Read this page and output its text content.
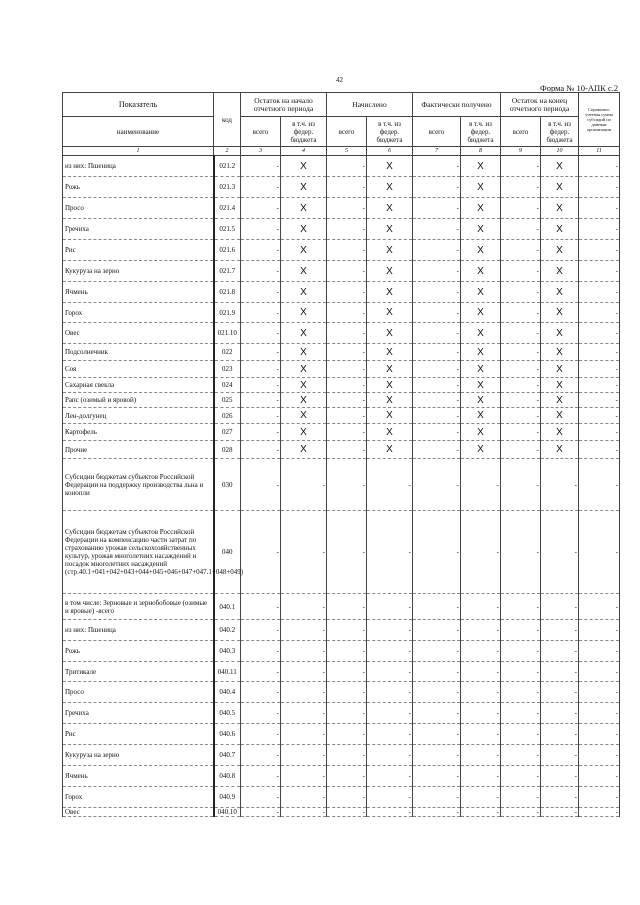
42
Форма № 10-АПК с.2
Показатель	код	Остаток на начало отчетного периода		Начислено		Фактически получено		Остаток на конец отчетного периода		Справочно: учетная сумма субсидий по данным организации
наименование		всего	в т.ч. из федер. бюджета	всего	в т.ч. из федер. бюджета	всего	в т.ч. из федер. бюджета	всего	в т.ч. из федер. бюджета	
1	2	3	4	5	6	7	8	9	10	11
из них: Пшеница	021.2	-	X	-	X	-	X	-	X	-
Рожь	021.3	-	X	-	X	-	X	-	X	-
Просо	021.4	-	X	-	X	-	X	-	X	-
Гречиха	021.5	-	X	-	X	-	X	-	X	-
Рис	021.6	-	X	-	X	-	X	-	X	-
Кукуруза на зерно	021.7	-	X	-	X	-	X	-	X	-
Ячмень	021.8	-	X	-	X	-	X	-	X	-
Горох	021.9	-	X	-	X	-	X	-	X	-
Овес	021.10	-	X	-	X	-	X	-	X	-
Подсолнечник	022	-	X	-	X	-	X	-	X	-
Соя	023	-	X	-	X	-	X	-	X	-
Сахарная свекла	024	-	X	-	X	-	X	-	X	-
Рапс (озимый и яровой)	025	-	X	-	X	-	X	-	X	-
Лен-долгунец	026	-	X	-	X	-	X	-	X	-
Картофель	027	-	X	-	X	-	X	-	X	-
Прочие	028	-	X	-	X	-	X	-	X	-
Субсидии бюджетам субъектов Российской Федерации на поддержку производства льна и конопли	030	-	-	-	-	-	-	-	-	-
Субсидии бюджетам субъектов Российской Федерации на компенсацию части затрат по страхованию урожая сельскохозяйственных культур, урожая многолетних насаждений и посадок многолетних насаждений (стр.40.1+041+042+043+044+045+046+047+047.1+048+049)	040	-	-	-	-	-	-	-	-	-
в том числе: Зерновые и зернобобовые (озимые и яровые) -всего	040.1	-	-	-	-	-	-	-	-	-
из них: Пшеница	040.2	-	-	-	-	-	-	-	-	-
Рожь	040.3	-	-	-	-	-	-	-	-	-
Тритикале	040.11	-	-	-	-	-	-	-	-	-
Просо	040.4	-	-	-	-	-	-	-	-	-
Гречиха	040.5	-	-	-	-	-	-	-	-	-
Рис	040.6	-	-	-	-	-	-	-	-	-
Кукуруза на зерно	040.7	-	-	-	-	-	-	-	-	-
Ячмень	040.8	-	-	-	-	-	-	-	-	-
Горох	040.9	-	-	-	-	-	-	-	-	-
Овес	040.10	-	-	-	-	-	-	-	-	-
